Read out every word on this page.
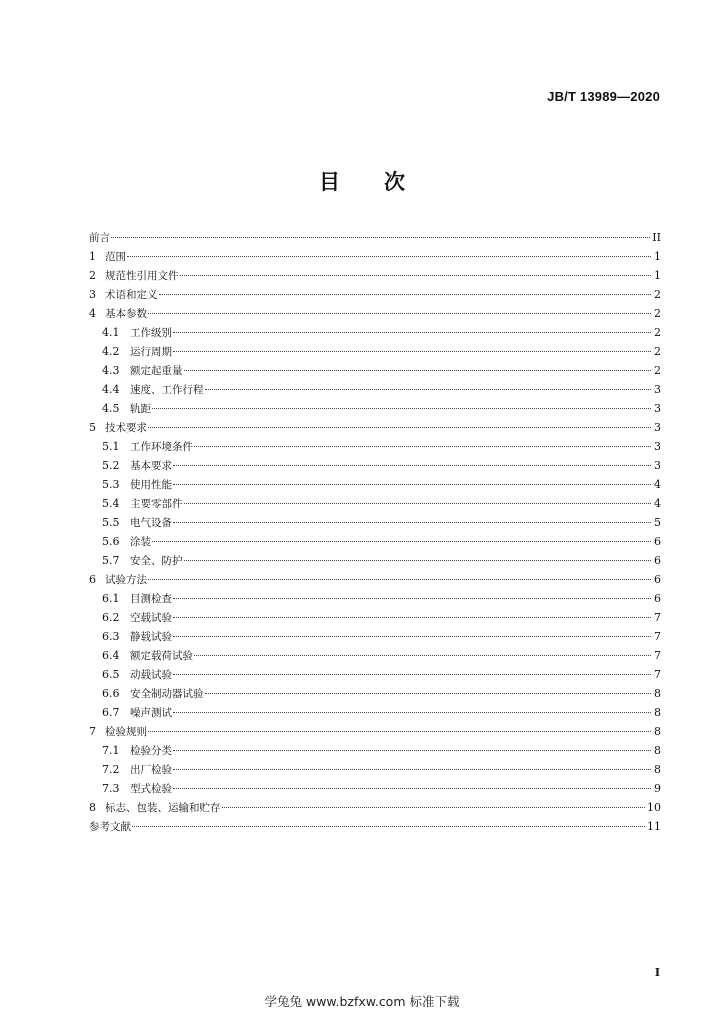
JB/T 13989—2020
目 次
前言	II
1 范围	1
2 规范性引用文件	1
3 术语和定义	2
4 基本参数	2
4.1	工作级别	2
4.2	运行周期	2
4.3	额定起重量	2
4.4	速度、工作行程	3
4.5	轨距	3
5 技术要求	3
5.1	工作环境条件	3
5.2	基本要求	3
5.3	使用性能	4
5.4	主要零部件	4
5.5	电气设备	5
5.6	涂装	6
5.7	安全、防护	6
6 试验方法	6
6.1	目测检查	6
6.2	空载试验	7
6.3	静载试验	7
6.4	额定载荷试验	7
6.5	动载试验	7
6.6	安全制动器试验	8
6.7	噪声测试	8
7 检验规则	8
7.1	检验分类	8
7.2	出厂检验	8
7.3	型式检验	9
8 标志、包装、运输和贮存	10
参考文献	11
I
学兔兔 www.bzfxw.com 标准下载
